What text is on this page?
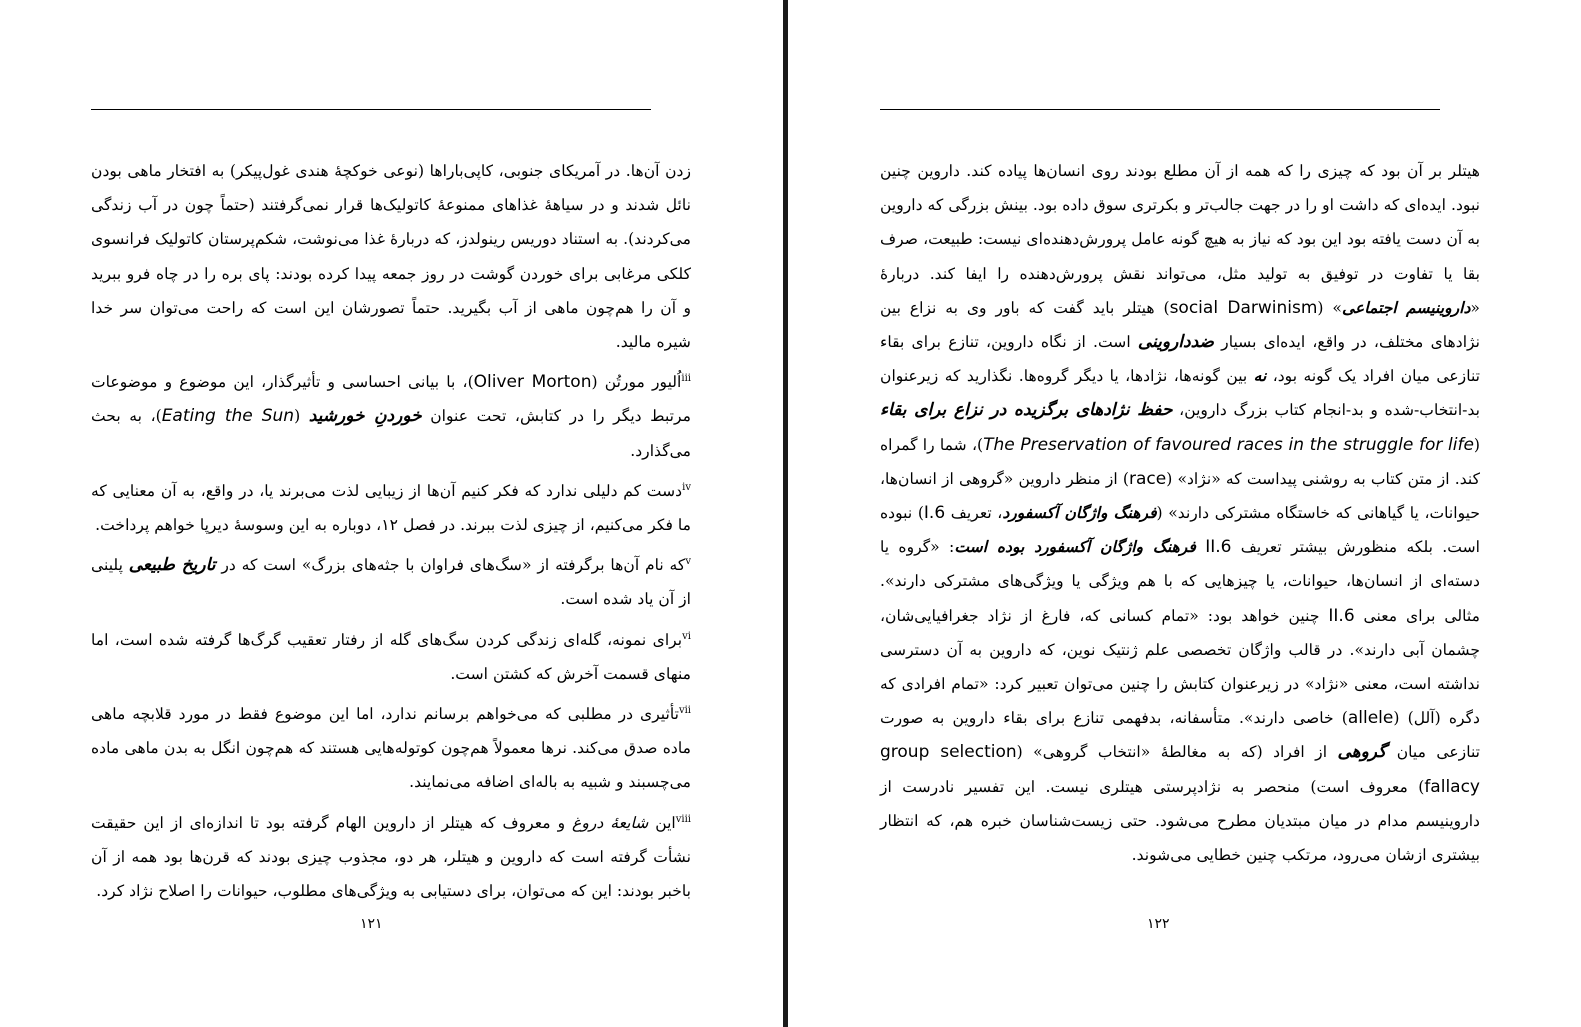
زدن آن‌ها. در آمریکای جنوبی، کاپی‌باراها (نوعی خوکچهٔ هندی غول‌پیکر) به افتخار ماهی بودن نائل شدند و در سیاههٔ غذاهای ممنوعهٔ کاتولیک‌ها قرار نمی‌گرفتند (حتماً چون در آب زندگی می‌کردند). به استناد دوریس رینولدز، که دربارهٔ غذا می‌نوشت، شکم‌پرستان کاتولیک فرانسوی کلکی مرغابی برای خوردن گوشت در روز جمعه پیدا کرده بودند: پای بره را در چاه فرو ببرید و آن را هم‌چون ماهی از آب بگیرید. حتماً تصورشان این است که راحت می‌توان سر خدا شیره مالید.

$^{iii}$اُلیور مورتُن (Oliver Morton)، با بیانی احساسی و تأثیرگذار، این موضوع و موضوعات مرتبط دیگر را در کتابش، تحت عنوان خوردنِ خورشید (Eating the Sun)، به بحث می‌گذارد.

$^{iv}$دست کم دلیلی ندارد که فکر کنیم آن‌ها از زیبایی لذت می‌برند یا، در واقع، به آن معنایی که ما فکر می‌کنیم، از چیزی لذت ببرند. در فصل ۱۲، دوباره به این وسوسهٔ دیرپا خواهم پرداخت.

$^v$که نام آن‌ها برگرفته از «سگ‌های فراوان با جثه‌های بزرگ» است که در تاریخ طبیعی پلینی از آن یاد شده است.

$^{vi}$برای نمونه، گله‌ای زندگی کردن سگ‌های گله از رفتار تعقیب گرگ‌ها گرفته شده است، اما منهای قسمت آخرش که کشتن است.

$^{vii}$تأثیری در مطلبی که می‌خواهم برسانم ندارد، اما این موضوع فقط در مورد قلابچه ماهی ماده صدق می‌کند. نرها معمولاً هم‌چون کوتوله‌هایی هستند که هم‌چون انگل به بدن ماهی ماده می‌چسبند و شبیه به باله‌ای اضافه می‌نمایند.

$^{viii}$این شایعهٔ دروغ و معروف که هیتلر از داروین الهام گرفته بود تا اندازه‌ای از این حقیقت نشأت گرفته است که داروین و هیتلر، هر دو، مجذوب چیزی بودند که قرن‌ها بود همه از آن باخبر بودند: این که می‌توان، برای دستیابی به ویژگی‌های مطلوب، حیوانات را اصلاح نژاد کرد.

۱۲۱

هیتلر بر آن بود که چیزی را که همه از آن مطلع بودند روی انسان‌ها پیاده کند. داروین چنین نبود. ایده‌ای که داشت او را در جهت جالب‌تر و بکرتری سوق داده بود. بینش بزرگی که داروین به آن دست یافته بود این بود که نیاز به هیچ گونه عامل پرورش‌دهنده‌ای نیست: طبیعت، صرف بقا یا تفاوت در توفیق به تولید مثل، می‌تواند نقش پرورش‌دهنده را ایفا کند. دربارهٔ «داروینیسم اجتماعی» (social Darwinism) هیتلر باید گفت که باور وی به نزاع بین نژادهای مختلف، در واقع، ایده‌ای بسیار ضدداروینی است. از نگاه داروین، تنازع برای بقاء تنازعی میان افراد یک گونه بود، نه بین گونه‌ها، نژادها، یا دیگر گروه‌ها. نگذارید که زیرعنوان بد-انتخاب-شده و بد-انجام کتاب بزرگ داروین، حفظ نژادهای برگزیده در نزاع برای بقاء (The Preservation of favoured races in the struggle for life)، شما را گمراه کند. از متن کتاب به روشنی پیداست که «نژاد» (race) از منظر داروین «گروهی از انسان‌ها، حیوانات، یا گیاهانی که خاستگاه مشترکی دارند» (فرهنگ واژگان آکسفورد، تعریف I.6) نبوده است. بلکه منظورش بیشتر تعریف II.6 فرهنگ واژگان آکسفورد بوده است: «گروه یا دسته‌ای از انسان‌ها، حیوانات، یا چیزهایی که با هم ویژگی یا ویژگی‌های مشترکی دارند». مثالی برای معنی II.6 چنین خواهد بود: «تمام کسانی که، فارغ از نژاد جغرافیایی‌شان، چشمان آبی دارند». در قالب واژگان تخصصی علم ژنتیک نوین، که داروین به آن دسترسی نداشته است، معنی «نژاد» در زیرعنوان کتابش را چنین می‌توان تعبیر کرد: «تمام افرادی که دگره (آلل) (allele) خاصی دارند». متأسفانه، بدفهمی تنازع برای بقاء داروین به صورت تنازعی میان گروهی از افراد (که به مغالطهٔ «انتخاب گروهی» (group selection fallacy) معروف است) منحصر به نژادپرستی هیتلری نیست. این تفسیر نادرست از داروینیسم مدام در میان مبتدیان مطرح می‌شود. حتی زیست‌شناسان خبره هم، که انتظار بیشتری ازشان می‌رود، مرتکب چنین خطایی می‌شوند.

۱۲۲
